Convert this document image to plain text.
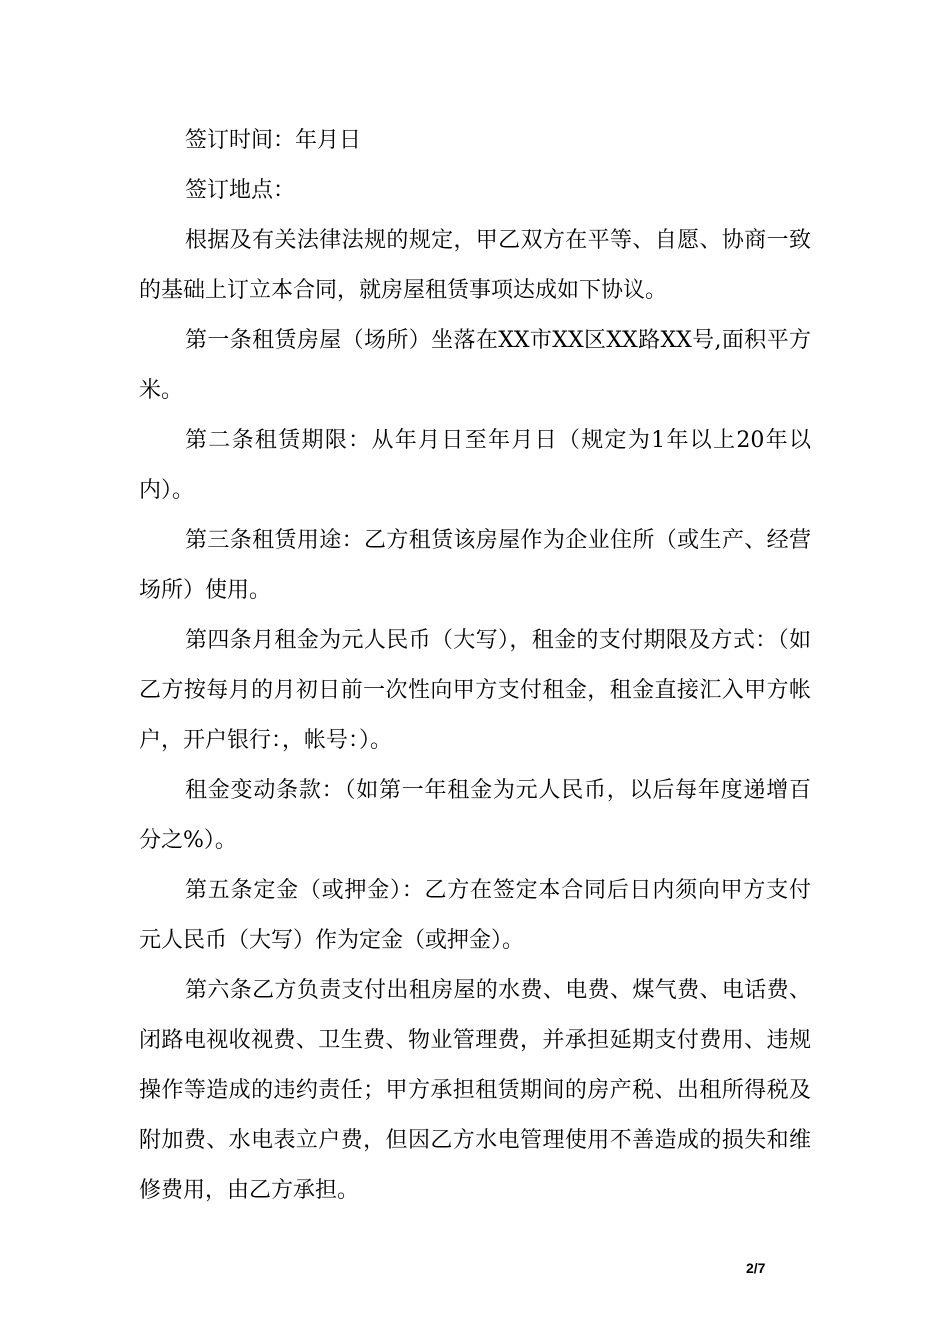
签订时间：年月日

签订地点：

根据及有关法律法规的规定，甲乙双方在平等、自愿、协商一致的基础上订立本合同，就房屋租赁事项达成如下协议。

第一条租赁房屋（场所）坐落在XX市XX区XX路XX号,面积平方米。

第二条租赁期限：从年月日至年月日（规定为1年以上20年以内）。

第三条租赁用途：乙方租赁该房屋作为企业住所（或生产、经营场所）使用。

第四条月租金为元人民币（大写），租金的支付期限及方式：（如乙方按每月的月初日前一次性向甲方支付租金，租金直接汇入甲方帐户，开户银行：，帐号：）。

租金变动条款：（如第一年租金为元人民币，以后每年度递增百分之%）。

第五条定金（或押金）：乙方在签定本合同后日内须向甲方支付元人民币（大写）作为定金（或押金）。

第六条乙方负责支付出租房屋的水费、电费、煤气费、电话费、闭路电视收视费、卫生费、物业管理费，并承担延期支付费用、违规操作等造成的违约责任；甲方承担租赁期间的房产税、出租所得税及附加费、水电表立户费，但因乙方水电管理使用不善造成的损失和维修费用，由乙方承担。

2/7
